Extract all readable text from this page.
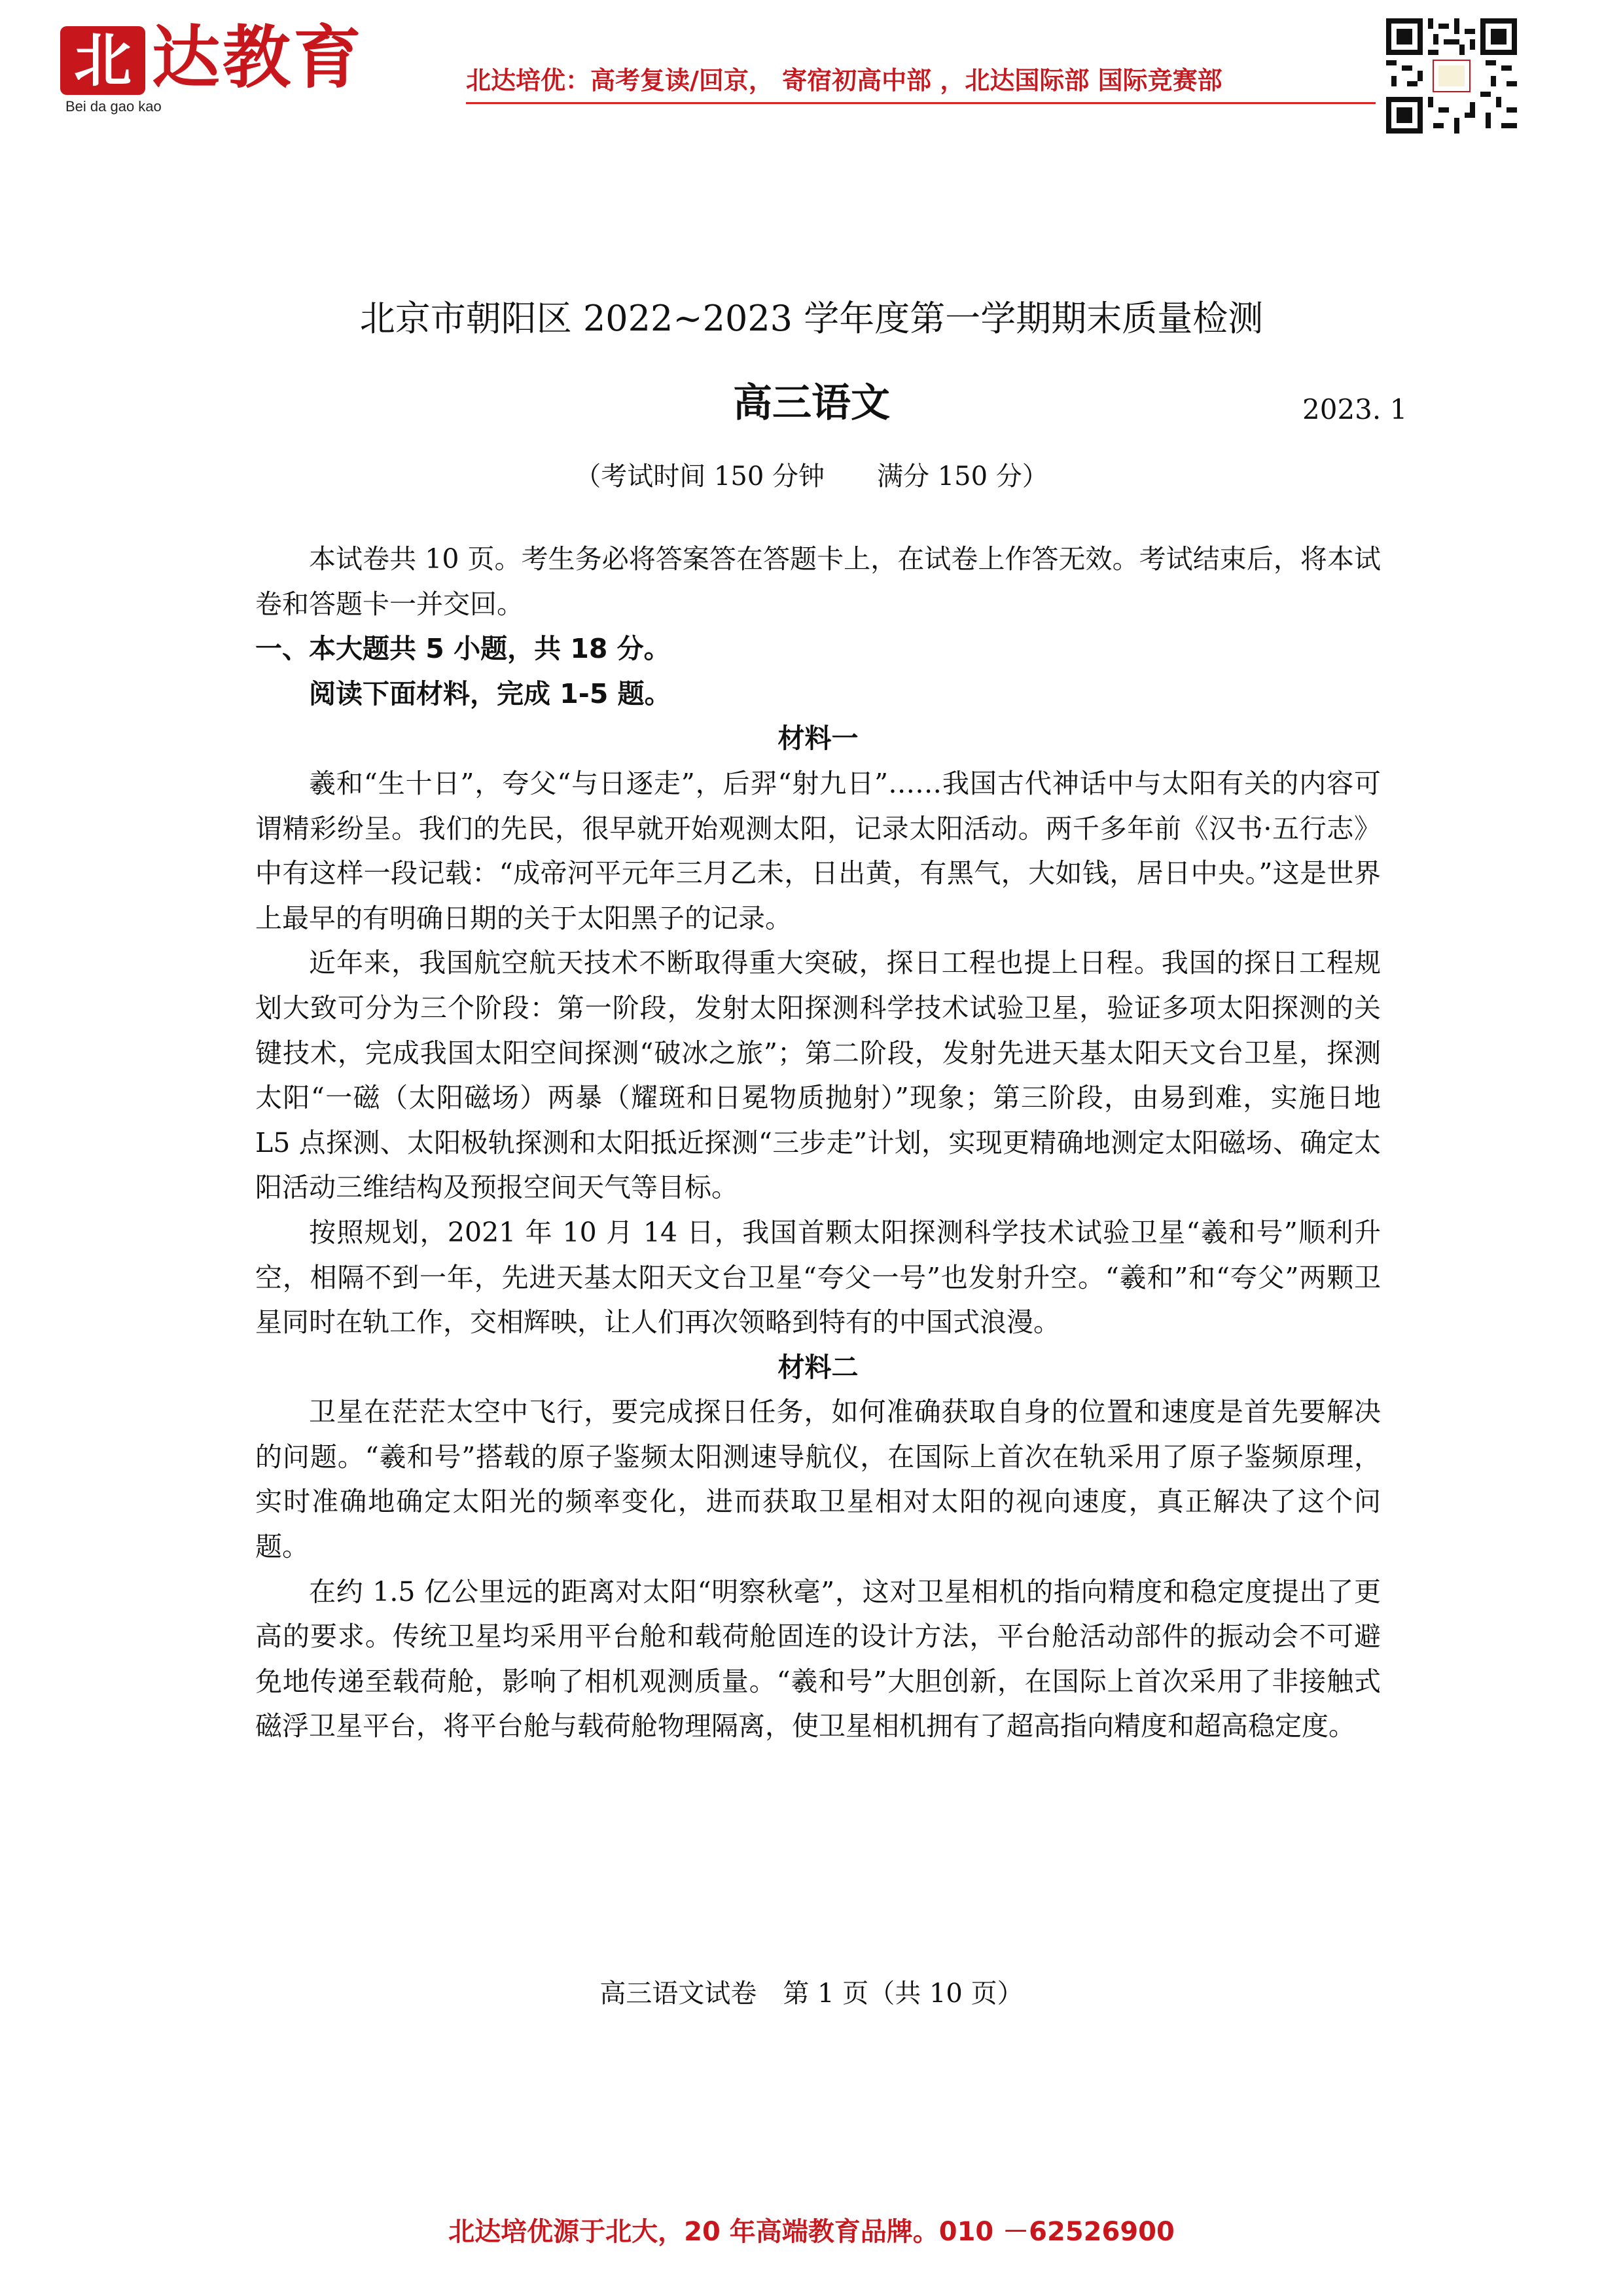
北 达教育
Bei da gao kao
北达培优：高考复读/回京， 寄宿初高中部 ，北达国际部 国际竞赛部
北京市朝阳区 2022~2023 学年度第一学期期末质量检测
高三语文	2023. 1
（考试时间 150 分钟 满分 150 分）

本试卷共 10 页。考生务必将答案答在答题卡上，在试卷上作答无效。考试结束后，将本试卷和答题卡一并交回。

一、本大题共 5 小题，共 18 分。

阅读下面材料，完成 1-5 题。

材料一

羲和“生十日”，夸父“与日逐走”，后羿“射九日”……我国古代神话中与太阳有关的内容可谓精彩纷呈。我们的先民，很早就开始观测太阳，记录太阳活动。两千多年前《汉书·五行志》中有这样一段记载：“成帝河平元年三月乙未，日出黄，有黑气，大如钱，居日中央。”这是世界上最早的有明确日期的关于太阳黑子的记录。

近年来，我国航空航天技术不断取得重大突破，探日工程也提上日程。我国的探日工程规划大致可分为三个阶段：第一阶段，发射太阳探测科学技术试验卫星，验证多项太阳探测的关键技术，完成我国太阳空间探测“破冰之旅”；第二阶段，发射先进天基太阳天文台卫星，探测太阳“一磁（太阳磁场）两暴（耀斑和日冕物质抛射）”现象；第三阶段，由易到难，实施日地 L5 点探测、太阳极轨探测和太阳抵近探测“三步走”计划，实现更精确地测定太阳磁场、确定太阳活动三维结构及预报空间天气等目标。

按照规划，2021 年 10 月 14 日，我国首颗太阳探测科学技术试验卫星“羲和号”顺利升空，相隔不到一年，先进天基太阳天文台卫星“夸父一号”也发射升空。“羲和”和“夸父”两颗卫星同时在轨工作，交相辉映，让人们再次领略到特有的中国式浪漫。

材料二

卫星在茫茫太空中飞行，要完成探日任务，如何准确获取自身的位置和速度是首先要解决的问题。“羲和号”搭载的原子鉴频太阳测速导航仪，在国际上首次在轨采用了原子鉴频原理，实时准确地确定太阳光的频率变化，进而获取卫星相对太阳的视向速度，真正解决了这个问题。

在约 1.5 亿公里远的距离对太阳“明察秋毫”，这对卫星相机的指向精度和稳定度提出了更高的要求。传统卫星均采用平台舱和载荷舱固连的设计方法，平台舱活动部件的振动会不可避免地传递至载荷舱，影响了相机观测质量。“羲和号”大胆创新，在国际上首次采用了非接触式磁浮卫星平台，将平台舱与载荷舱物理隔离，使卫星相机拥有了超高指向精度和超高稳定度。

高三语文试卷　第 1 页（共 10 页）
北达培优源于北大，20 年高端教育品牌。010 －62526900
